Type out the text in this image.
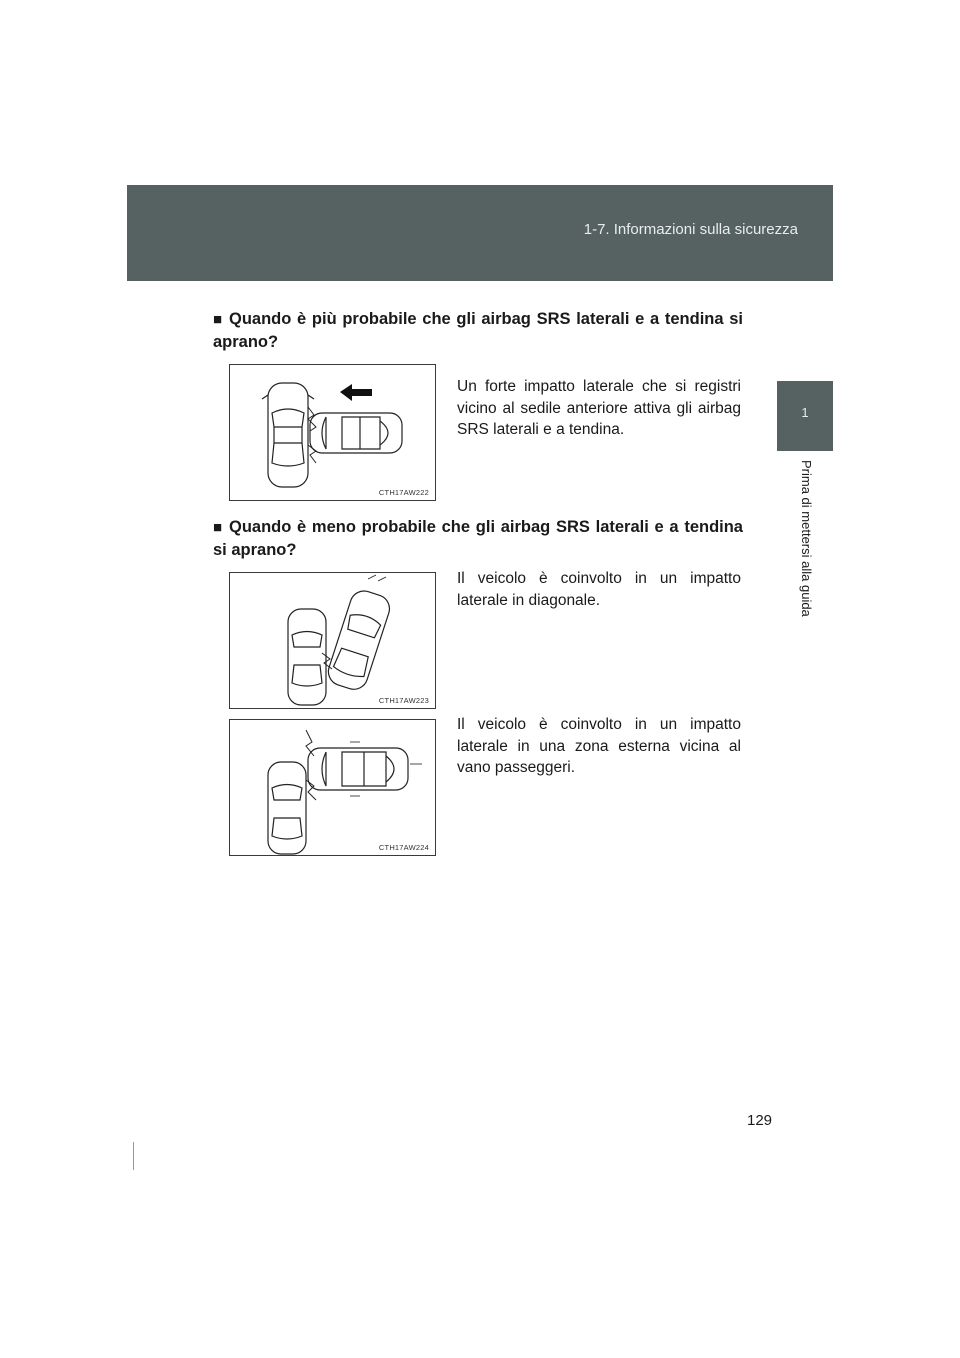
1-7. Informazioni sulla sicurezza
1
Prima di mettersi alla guida
■ Quando è più probabile che gli airbag SRS laterali e a tendina si aprano?
CTH17AW222
Un forte impatto laterale che si registri vicino al sedile anteriore attiva gli airbag SRS laterali e a tendina.
■ Quando è meno probabile che gli airbag SRS laterali e a tendina si aprano?
CTH17AW223
Il veicolo è coinvolto in un impatto laterale in diagonale.
CTH17AW224
Il veicolo è coinvolto in un impatto laterale in una zona esterna vicina al vano passeggeri.
129
